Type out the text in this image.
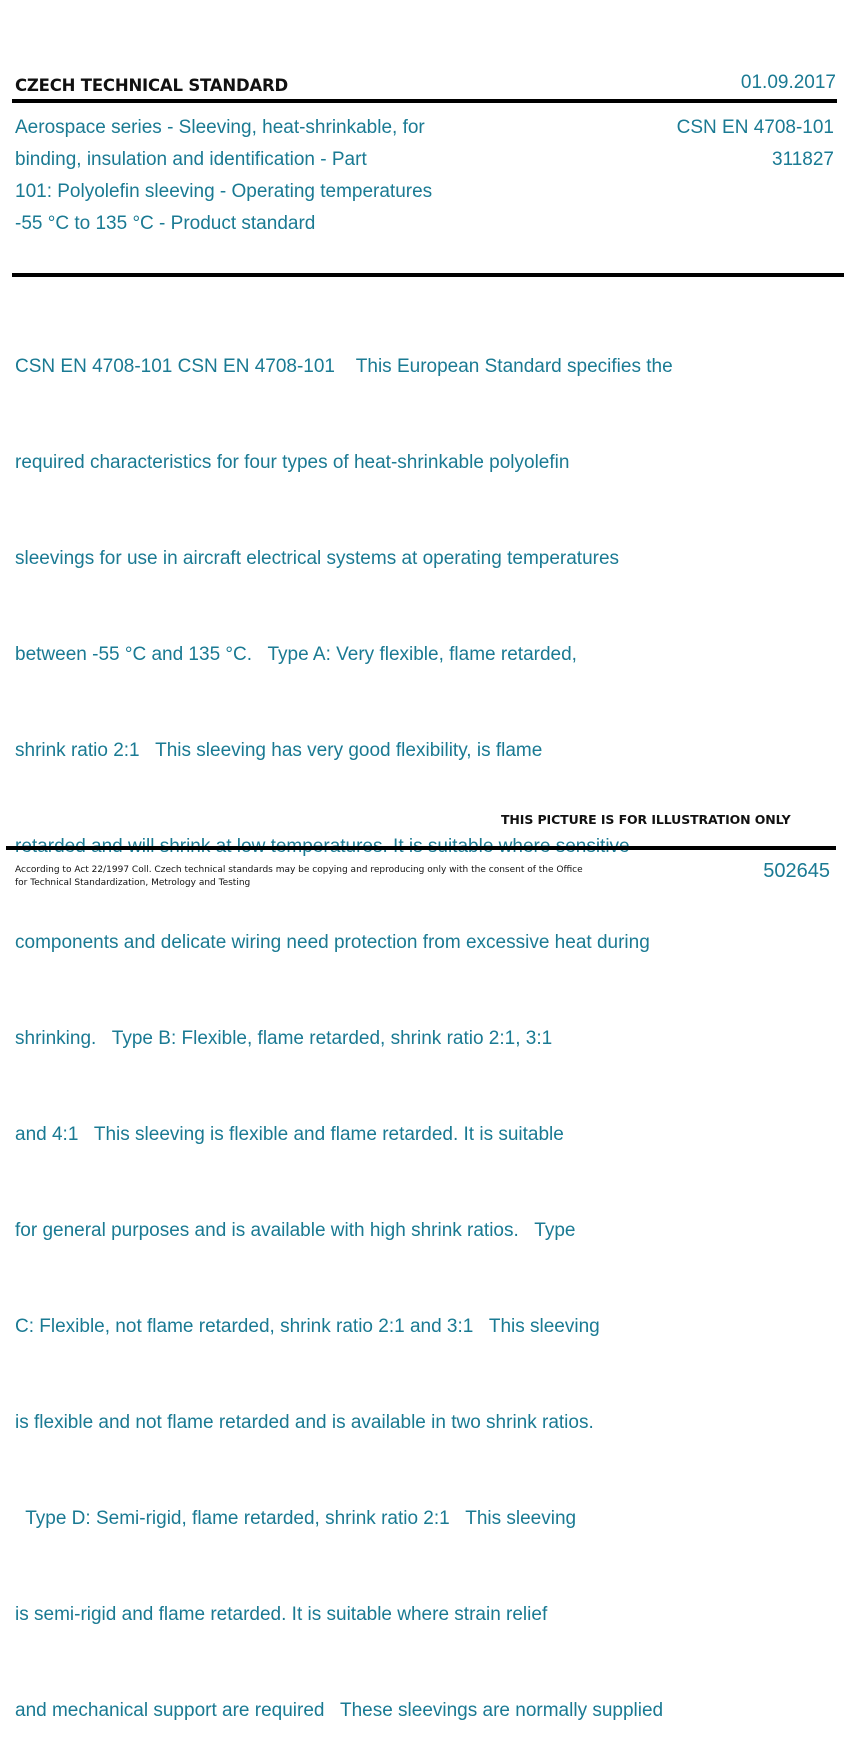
CZECH TECHNICAL STANDARD	01.09.2017
Aerospace series - Sleeving, heat-shrinkable, for
binding, insulation and identification - Part
101: Polyolefin sleeving - Operating temperatures
-55 °C to 135 °C - Product standard
CSN EN 4708-101
311827

CSN EN 4708-101 CSN EN 4708-101    This European Standard specifies the

required characteristics for four types of heat-shrinkable polyolefin

sleevings for use in aircraft electrical systems at operating temperatures

between -55 °C and 135 °C.   Type A: Very flexible, flame retarded,

shrink ratio 2:1   This sleeving has very good flexibility, is flame

components and delicate wiring need protection from excessive heat during

shrinking.   Type B: Flexible, flame retarded, shrink ratio 2:1, 3:1

and 4:1   This sleeving is flexible and flame retarded. It is suitable

for general purposes and is available with high shrink ratios.   Type

C: Flexible, not flame retarded, shrink ratio 2:1 and 3:1   This sleeving

is flexible and not flame retarded and is available in two shrink ratios.

Type D: Semi-rigid, flame retarded, shrink ratio 2:1   This sleeving

is semi-rigid and flame retarded. It is suitable where strain relief

and mechanical support are required   These sleevings are normally supplied

THIS PICTURE IS FOR ILLUSTRATION ONLY
According to Act 22/1997 Coll. Czech technical standards may be copying and reproducing only with the consent of the Office
for Technical Standardization, Metrology and Testing
502645
